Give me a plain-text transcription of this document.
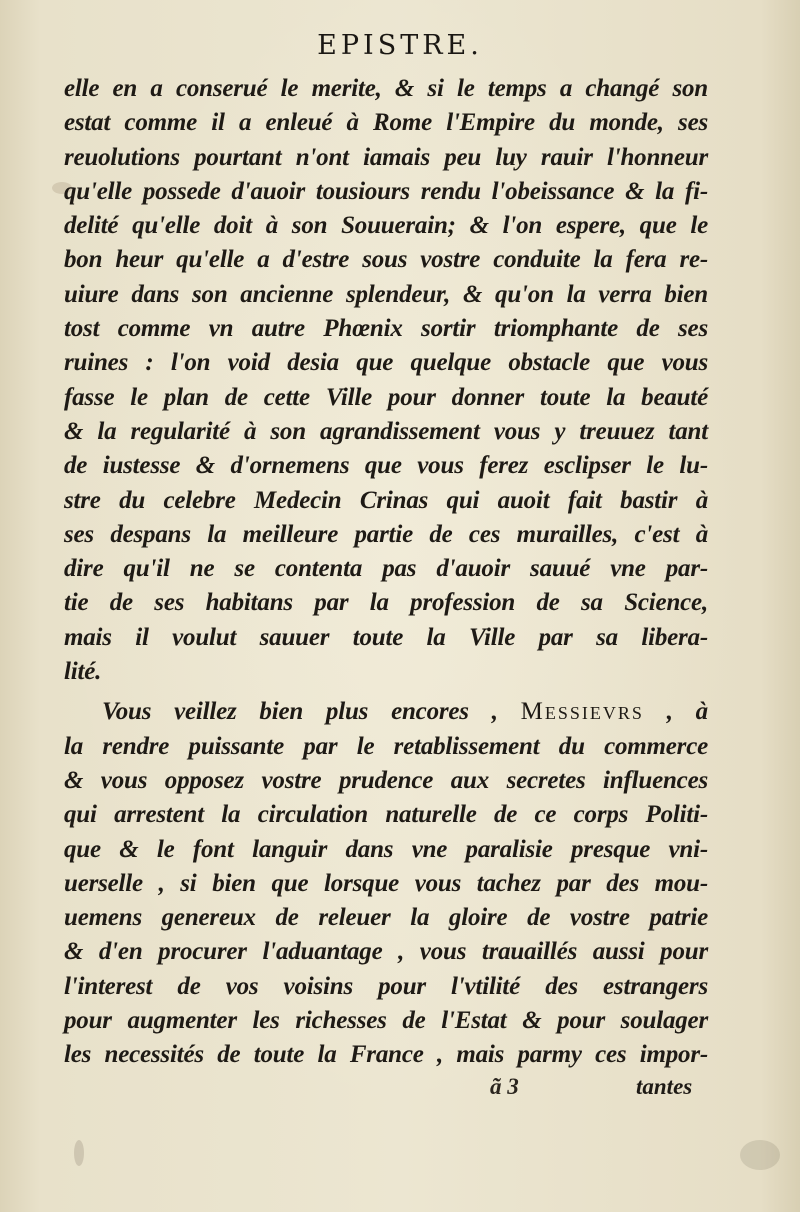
EPISTRE.
elle en a conserué le merite, & si le temps a changé son
estat comme il a enleué à Rome l'Empire du monde, ses
reuolutions pourtant n'ont iamais peu luy rauir l'honneur
qu'elle possede d'auoir tousiours rendu l'obeissance & la fi-
delité qu'elle doit à son Souuerain; & l'on espere, que le
bon heur qu'elle a d'estre sous vostre conduite la fera re-
uiure dans son ancienne splendeur, & qu'on la verra bien
tost comme vn autre Phœnix sortir triomphante de ses
ruines : l'on void desia que quelque obstacle que vous
fasse le plan de cette Ville pour donner toute la beauté
& la regularité à son agrandissement vous y treuuez tant
de iustesse & d'ornemens que vous ferez esclipser le lu-
stre du celebre Medecin Crinas qui auoit fait bastir à
ses despans la meilleure partie de ces murailles, c'est à
dire qu'il ne se contenta pas d'auoir sauué vne par-
tie de ses habitans par la profession de sa Science,
mais il voulut sauuer toute la Ville par sa libera-
lité.
Vous veillez bien plus encores , Messievrs , à
la rendre puissante par le retablissement du commerce
& vous opposez vostre prudence aux secretes influences
qui arrestent la circulation naturelle de ce corps Politi-
que & le font languir dans vne paralisie presque vni-
uerselle , si bien que lorsque vous tachez par des mou-
uemens genereux de releuer la gloire de vostre patrie
& d'en procurer l'aduantage , vous trauaillés aussi pour
l'interest de vos voisins pour l'vtilité des estrangers
pour augmenter les richesses de l'Estat & pour soulager
les necessités de toute la France , mais parmy ces impor-
ã 3	tantes
